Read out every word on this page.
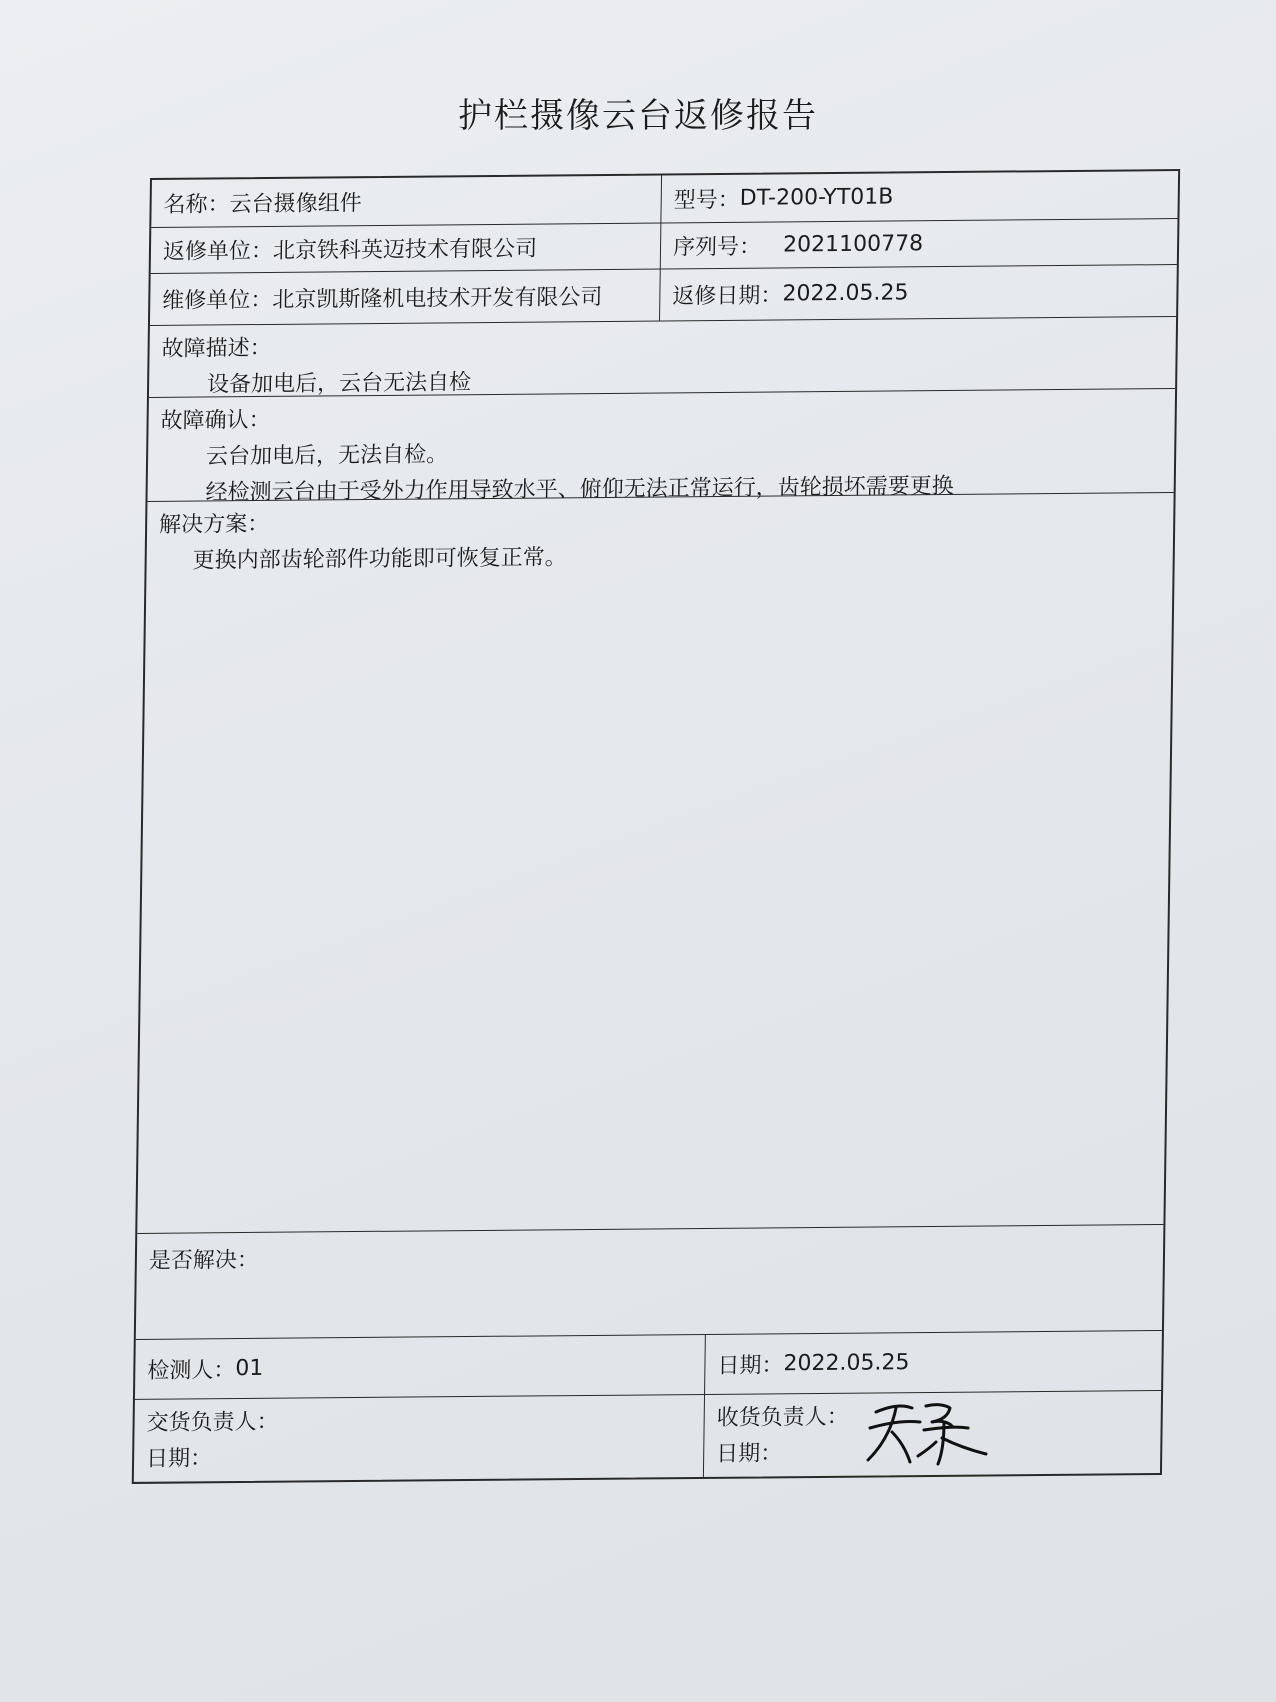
护栏摄像云台返修报告
名称： 云台摄像组件	型号： DT-200-YT01B
返修单位： 北京铁科英迈技术有限公司	序列号： 2021100778
维修单位： 北京凯斯隆机电技术开发有限公司	返修日期： 2022.05.25
故障描述：
设备加电后，云台无法自检
故障确认：
云台加电后，无法自检。
经检测云台由于受外力作用导致水平、俯仰无法正常运行，齿轮损坏需要更换
解决方案：
更换内部齿轮部件功能即可恢复正常。
是否解决：
检测人： 01	日期： 2022.05.25
交货负责人：
日期：
收货负责人：
日期：
